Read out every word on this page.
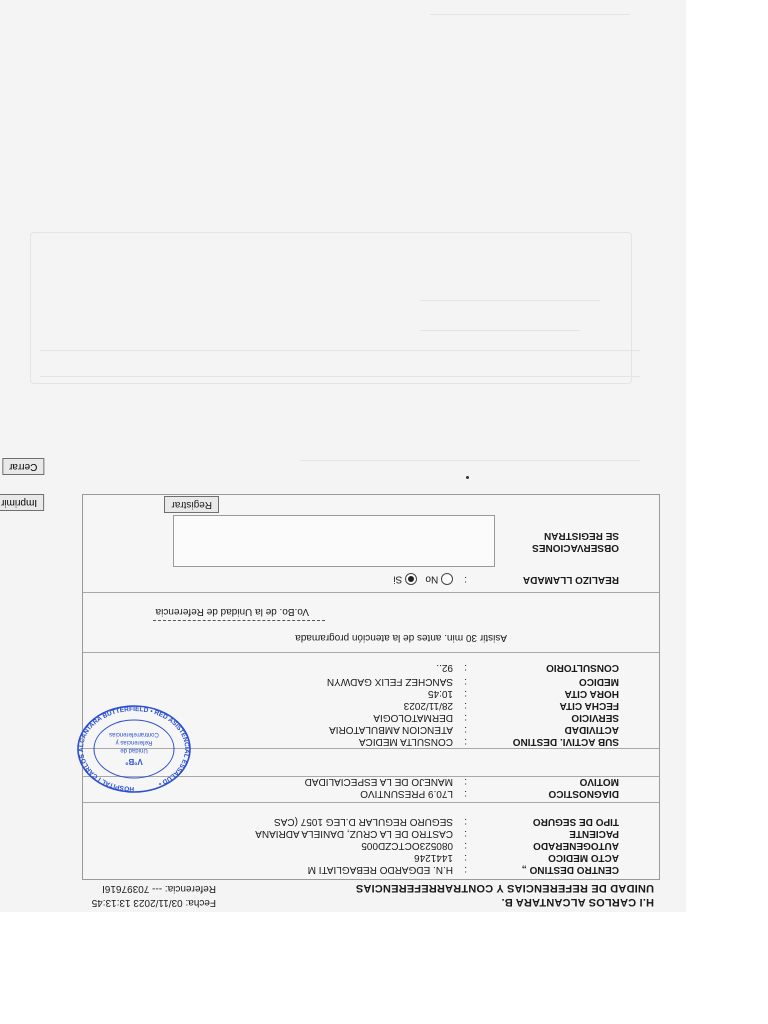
Cerrar
Imprimir
H.I CARLOS ALCANTARA B.
UNIDAD DE REFERENCIAS Y CONTRARREFERENCIAS
Fecha: 03/11/2023 13:13:45
Referencia: --- 70397616I
CENTRO DESTINO „
:
H.N. EDGARDO REBAGLIATI M
ACTO MEDICO
:
1441246
AUTOGENERADO
:
080523OCTCZD005
PACIENTE
:
CASTRO DE LA CRUZ, DANIELA ADRIANA
TIPO DE SEGURO
:
SEGURO REGULAR D.LEG 1057 (CAS
DIAGNOSTICO
:
L70.9 PRESUNTIVO
MOTIVO
:
MANEJO DE LA ESPECIALIDAD
SUB ACTIVI. DESTINO
:
CONSULTA MEDICA
ACTIVIDAD
:
ATENCION AMBULATORIA
SERVICIO
:
DERMATOLOGIA
FECHA CITA
:
28/11/2023
HORA CITA
:
10:45
MEDICO
:
SANCHEZ FELIX GADWYN
CONSULTORIO
:
92..
Asistir 30 min. antes de la atención programada
Vo.Bo. de la Unidad de Referencia
REALIZO LLAMADA
:
No    Si
OBSERVACIONES
SE REGISTRAN
Registrar
HOSPITAL I CARLOS ALCANTARA BUTTERFIELD • RED ASISTENCIAL ESSALUD •
V°B°
Unidad de
Referencias y
Contrarreferencias
